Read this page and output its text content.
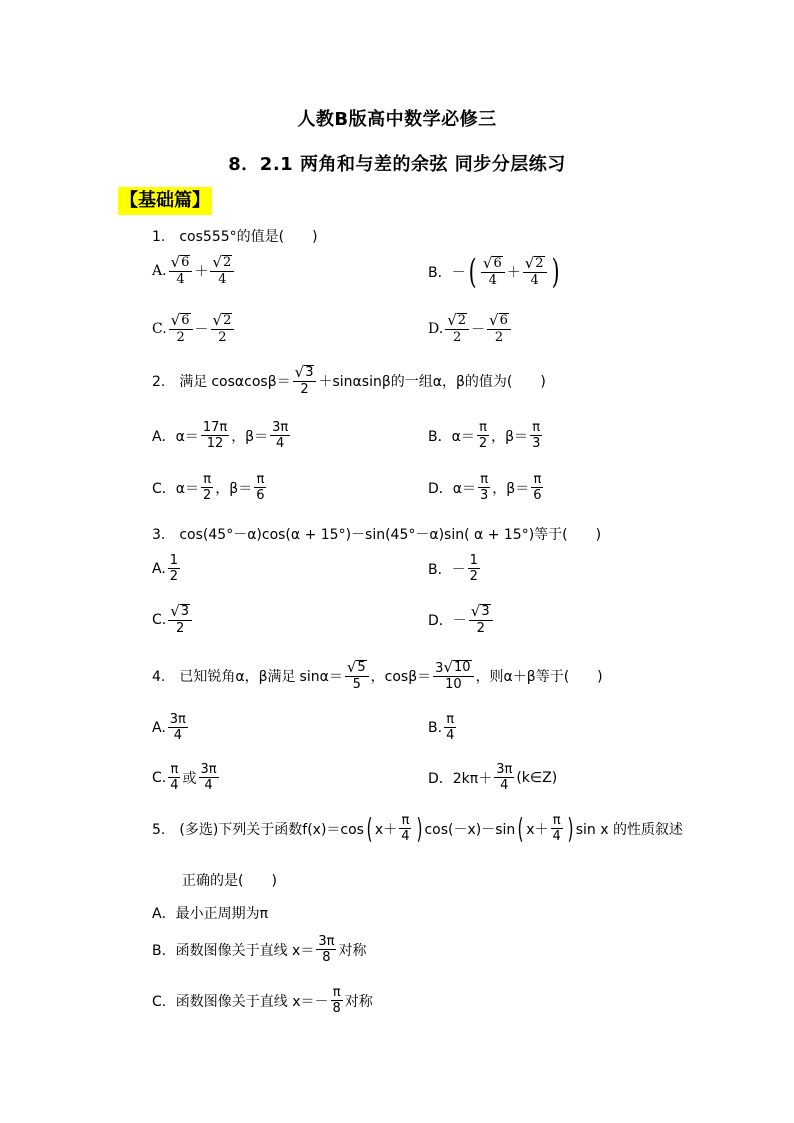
人教B版高中数学必修三
8．2.1 两角和与差的余弦 同步分层练习
【基础篇】
1.　cos555°的值是(　　)
A. $\frac{√ 6}{4} + \frac{√ 2}{4}$	B．－ ( $\frac{√ 6}{4} + \frac{√ 2}{4}$ )
C. $\frac{√ 6}{2} - \frac{√ 2}{2}$	D. $\frac{√ 2}{2} - \frac{√ 6}{2}$
2.　满足 $\cos\alpha\cos\beta= \frac{√ 3}{2} +\sin\alpha\sin\beta$ 的一组α，β的值为(　　)
A．$\alpha= \frac{17\pi}{12}$ ，$\beta= \frac{3\pi}{4}$	B．$\alpha= \frac{\pi}{2}$ ，$\beta= \frac{\pi}{3}$
C．$\alpha= \frac{\pi}{2}$ ，$\beta= \frac{\pi}{6}$	D．$\alpha= \frac{\pi}{3}$ ，$\beta= \frac{\pi}{6}$
3.　cos(45°－α)cos(α + 15°)－sin(45°－α)sin( α + 15°)等于(　　)
A. $\frac{1}{2}$	B．－ $\frac{1}{2}$
C. $\frac{√ 3}{2}$	D．－ $\frac{√ 3}{2}$
4.　已知锐角α，β满足 $\sin\alpha= \frac{√ 5}{5}$ ，$\cos\beta= \frac{3 √ 10}{10}$ ，则α＋β等于(　　)
A. $\frac{3\pi}{4}$	B. $\frac{\pi}{4}$
C. $\frac{\pi}{4}$ 或 $\frac{3\pi}{4}$	D．$2k\pi+ \frac{3\pi}{4}$ (k∈Z)
5.　(多选)下列关于函数f(x)＝cos ( $x+ \frac{\pi}{4}$ ) cos(－x)－sin ( $x+ \frac{\pi}{4}$ ) sin x 的性质叙述
正确的是(　　)
A．最小正周期为π
B．函数图像关于直线 $x= \frac{3\pi}{8}$ 对称
C．函数图像关于直线 $x=- \frac{\pi}{8}$ 对称
